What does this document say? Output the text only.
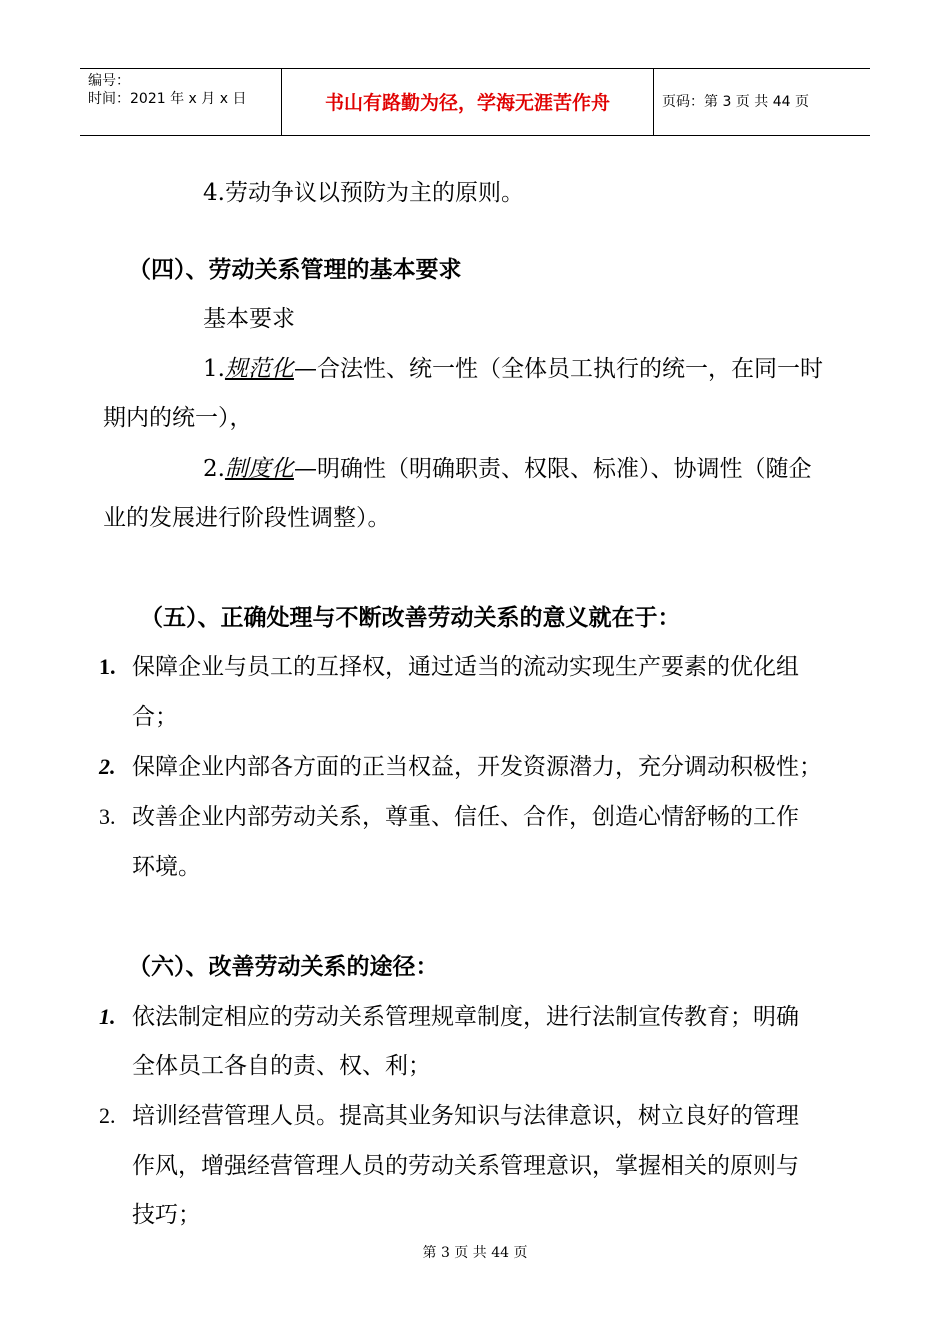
编号：
时间：2021 年 x 月 x 日	书山有路勤为径，学海无涯苦作舟	页码：第 3 页 共 44 页
4.劳动争议以预防为主的原则。
（四）、劳动关系管理的基本要求
基本要求
1.规范化—合法性、统一性（全体员工执行的统一，在同一时
期内的统一），
2.制度化—明确性（明确职责、权限、标准）、协调性（随企
业的发展进行阶段性调整）。
（五）、正确处理与不断改善劳动关系的意义就在于：
1. 保障企业与员工的互择权，通过适当的流动实现生产要素的优化组
合；
2. 保障企业内部各方面的正当权益，开发资源潜力，充分调动积极性；
3. 改善企业内部劳动关系，尊重、信任、合作，创造心情舒畅的工作
环境。
（六）、改善劳动关系的途径：
1. 依法制定相应的劳动关系管理规章制度，进行法制宣传教育；明确
全体员工各自的责、权、利；
2. 培训经营管理人员。提高其业务知识与法律意识，树立良好的管理
作风，增强经营管理人员的劳动关系管理意识，掌握相关的原则与
技巧；
第 3 页 共 44 页
